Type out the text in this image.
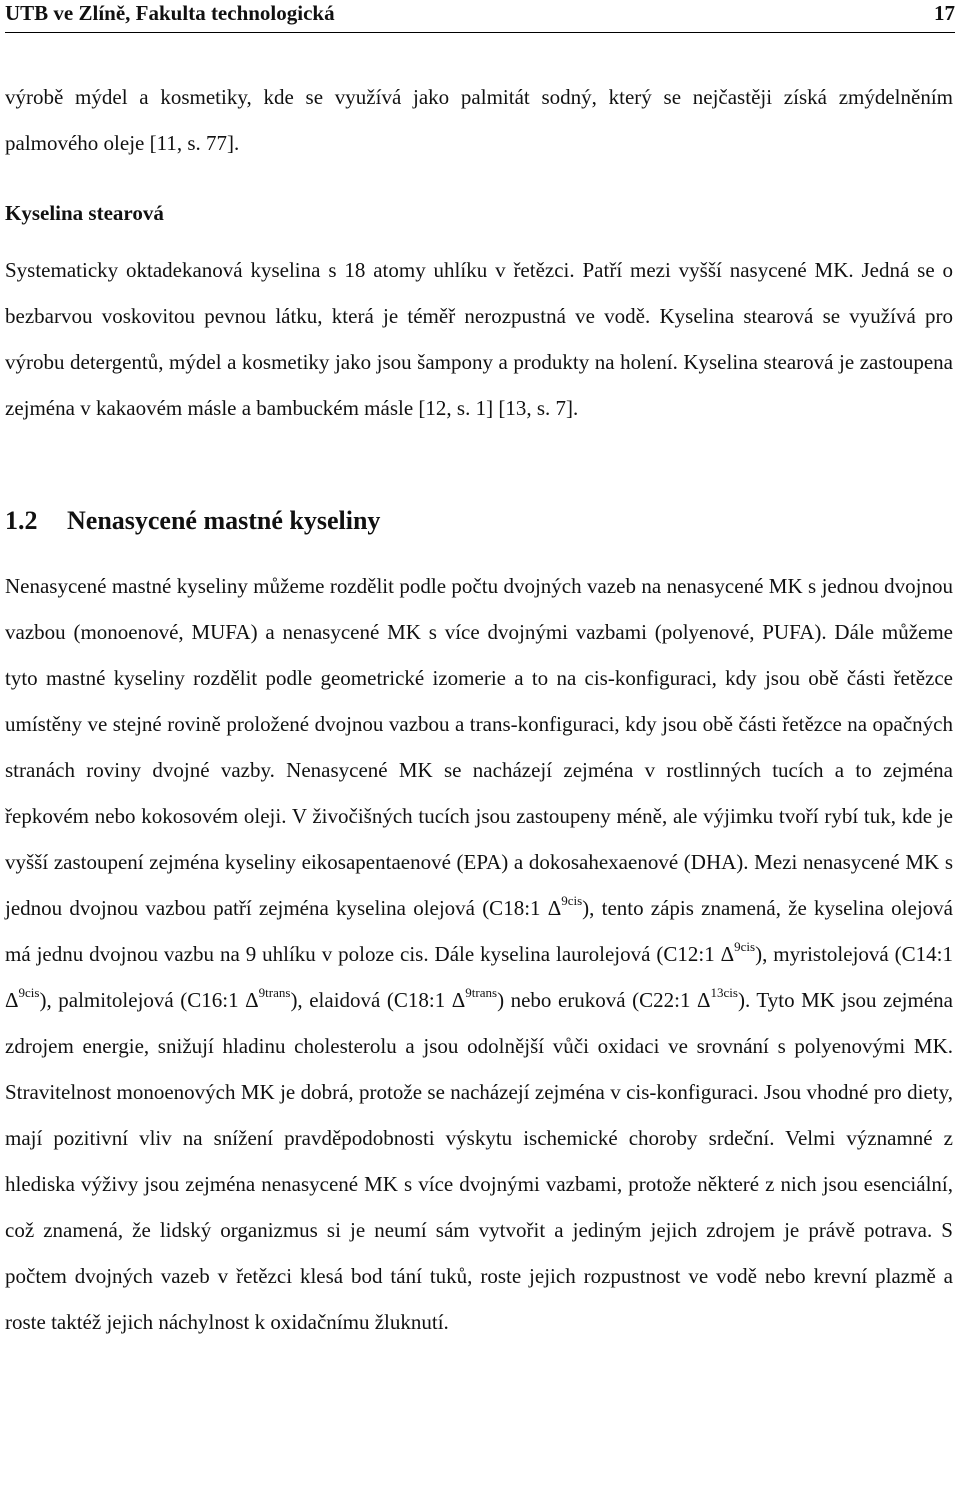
UTB ve Zlíně, Fakulta technologická	17

výrobě mýdel a kosmetiky, kde se využívá jako palmitát sodný, který se nejčastěji získá zmýdelněním palmového oleje [11, s. 77].

Kyselina stearová

Systematicky oktadekanová kyselina s 18 atomy uhlíku v řetězci. Patří mezi vyšší nasycené MK. Jedná se o bezbarvou voskovitou pevnou látku, která je téměř nerozpustná ve vodě. Kyselina stearová se využívá pro výrobu detergentů, mýdel a kosmetiky jako jsou šampony a produkty na holení. Kyselina stearová je zastoupena zejména v kakaovém másle a bambuckém másle [12, s. 1] [13, s. 7].

1.2 Nenasycené mastné kyseliny

Nenasycené mastné kyseliny můžeme rozdělit podle počtu dvojných vazeb na nenasycené MK s jednou dvojnou vazbou (monoenové, MUFA) a nenasycené MK s více dvojnými vazbami (polyenové, PUFA). Dále můžeme tyto mastné kyseliny rozdělit podle geometrické izomerie a to na cis-konfiguraci, kdy jsou obě části řetězce umístěny ve stejné rovině proložené dvojnou vazbou a trans-konfiguraci, kdy jsou obě části řetězce na opačných stranách roviny dvojné vazby. Nenasycené MK se nacházejí zejména v rostlinných tucích a to zejména řepkovém nebo kokosovém oleji. V živočišných tucích jsou zastoupeny méně, ale výjimku tvoří rybí tuk, kde je vyšší zastoupení zejména kyseliny eikosapentaenové (EPA) a dokosahexaenové (DHA). Mezi nenasycené MK s jednou dvojnou vazbou patří zejména kyselina olejová (C18:1 $\Delta^{9cis}$), tento zápis znamená, že kyselina olejová má jednu dvojnou vazbu na 9 uhlíku v poloze cis. Dále kyselina laurolejová (C12:1 $\Delta^{9cis}$), myristolejová (C14:1 $\Delta^{9cis}$), palmitolejová (C16:1 $\Delta^{9trans}$), elaidová (C18:1 $\Delta^{9trans}$) nebo eruková (C22:1 $\Delta^{13cis}$). Tyto MK jsou zejména zdrojem energie, snižují hladinu cholesterolu a jsou odolnější vůči oxidaci ve srovnání s polyenovými MK. Stravitelnost monoenových MK je dobrá, protože se nacházejí zejména v cis-konfiguraci. Jsou vhodné pro diety, mají pozitivní vliv na snížení pravděpodobnosti výskytu ischemické choroby srdeční. Velmi významné z hlediska výživy jsou zejména nenasycené MK s více dvojnými vazbami, protože některé z nich jsou esenciální, což znamená, že lidský organizmus si je neumí sám vytvořit a jediným jejich zdrojem je právě potrava. S počtem dvojných vazeb v řetězci klesá bod tání tuků, roste jejich rozpustnost ve vodě nebo krevní plazmě a roste taktéž jejich náchylnost k oxidačnímu žluknutí.
